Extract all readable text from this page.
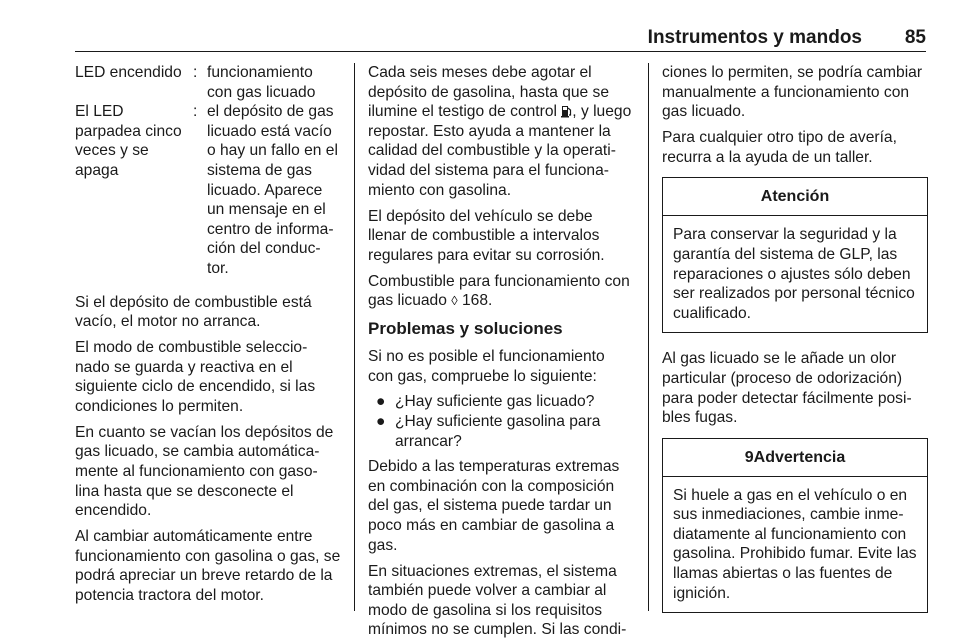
Instrumentos y mandos 85
LED encendido : funcionamiento con gas licuado
El LED parpadea cinco veces y se apaga
: el depósito de gas licuado está vacío o hay un fallo en el sistema de gas licuado. Aparece un mensaje en el centro de informa-ción del conduc-tor.

Si el depósito de combustible está vacío, el motor no arranca.

El modo de combustible seleccio-nado se guarda y reactiva en el siguiente ciclo de encendido, si las condiciones lo permiten.

En cuanto se vacían los depósitos de gas licuado, se cambia automática-mente al funcionamiento con gaso-lina hasta que se desconecte el encendido.

Al cambiar automáticamente entre funcionamiento con gasolina o gas, se podrá apreciar un breve retardo de la potencia tractora del motor.

Cada seis meses debe agotar el depósito de gasolina, hasta que se ilumine el testigo de control , y luego repostar. Esto ayuda a mantener la calidad del combustible y la operati-vidad del sistema para el funciona-miento con gasolina.

El depósito del vehículo se debe llenar de combustible a intervalos regulares para evitar su corrosión.

Combustible para funcionamiento con gas licuado ◊ 168.

Problemas y soluciones

Si no es posible el funcionamiento con gas, compruebe lo siguiente:

● ¿Hay suficiente gas licuado?
● ¿Hay suficiente gasolina para arrancar?

Debido a las temperaturas extremas en combinación con la composición del gas, el sistema puede tardar un poco más en cambiar de gasolina a gas.

En situaciones extremas, el sistema también puede volver a cambiar al modo de gasolina si los requisitos mínimos no se cumplen. Si las condi-

ciones lo permiten, se podría cambiar manualmente a funcionamiento con gas licuado.

Para cualquier otro tipo de avería, recurra a la ayuda de un taller.

Atención
Para conservar la seguridad y la garantía del sistema de GLP, las reparaciones o ajustes sólo deben ser realizados por personal técnico cualificado.

Al gas licuado se le añade un olor particular (proceso de odorización) para poder detectar fácilmente posi-bles fugas.

9Advertencia
Si huele a gas en el vehículo o en sus inmediaciones, cambie inme-diatamente al funcionamiento con gasolina. Prohibido fumar. Evite las llamas abiertas o las fuentes de ignición.
